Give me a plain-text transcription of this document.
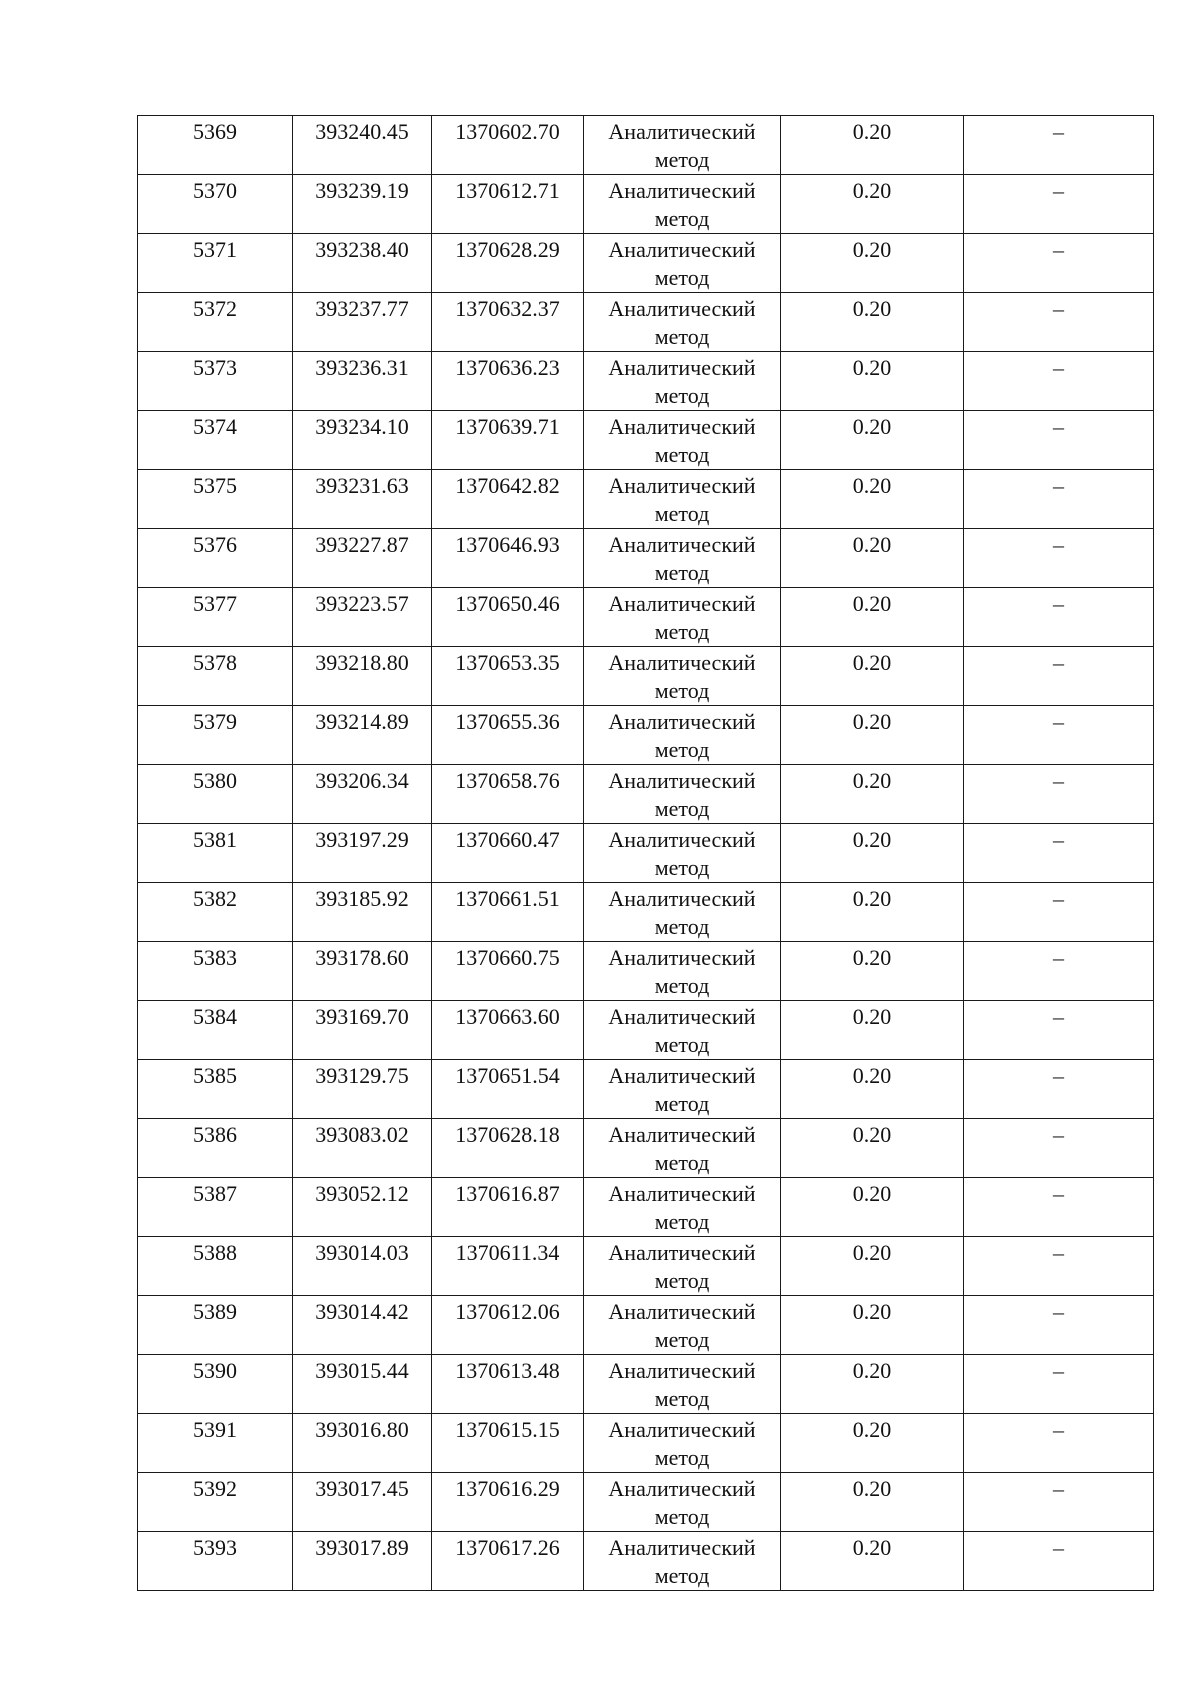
5369	393240.45	1370602.70	Аналитический метод	0.20	–
5370	393239.19	1370612.71	Аналитический метод	0.20	–
5371	393238.40	1370628.29	Аналитический метод	0.20	–
5372	393237.77	1370632.37	Аналитический метод	0.20	–
5373	393236.31	1370636.23	Аналитический метод	0.20	–
5374	393234.10	1370639.71	Аналитический метод	0.20	–
5375	393231.63	1370642.82	Аналитический метод	0.20	–
5376	393227.87	1370646.93	Аналитический метод	0.20	–
5377	393223.57	1370650.46	Аналитический метод	0.20	–
5378	393218.80	1370653.35	Аналитический метод	0.20	–
5379	393214.89	1370655.36	Аналитический метод	0.20	–
5380	393206.34	1370658.76	Аналитический метод	0.20	–
5381	393197.29	1370660.47	Аналитический метод	0.20	–
5382	393185.92	1370661.51	Аналитический метод	0.20	–
5383	393178.60	1370660.75	Аналитический метод	0.20	–
5384	393169.70	1370663.60	Аналитический метод	0.20	–
5385	393129.75	1370651.54	Аналитический метод	0.20	–
5386	393083.02	1370628.18	Аналитический метод	0.20	–
5387	393052.12	1370616.87	Аналитический метод	0.20	–
5388	393014.03	1370611.34	Аналитический метод	0.20	–
5389	393014.42	1370612.06	Аналитический метод	0.20	–
5390	393015.44	1370613.48	Аналитический метод	0.20	–
5391	393016.80	1370615.15	Аналитический метод	0.20	–
5392	393017.45	1370616.29	Аналитический метод	0.20	–
5393	393017.89	1370617.26	Аналитический метод	0.20	–
